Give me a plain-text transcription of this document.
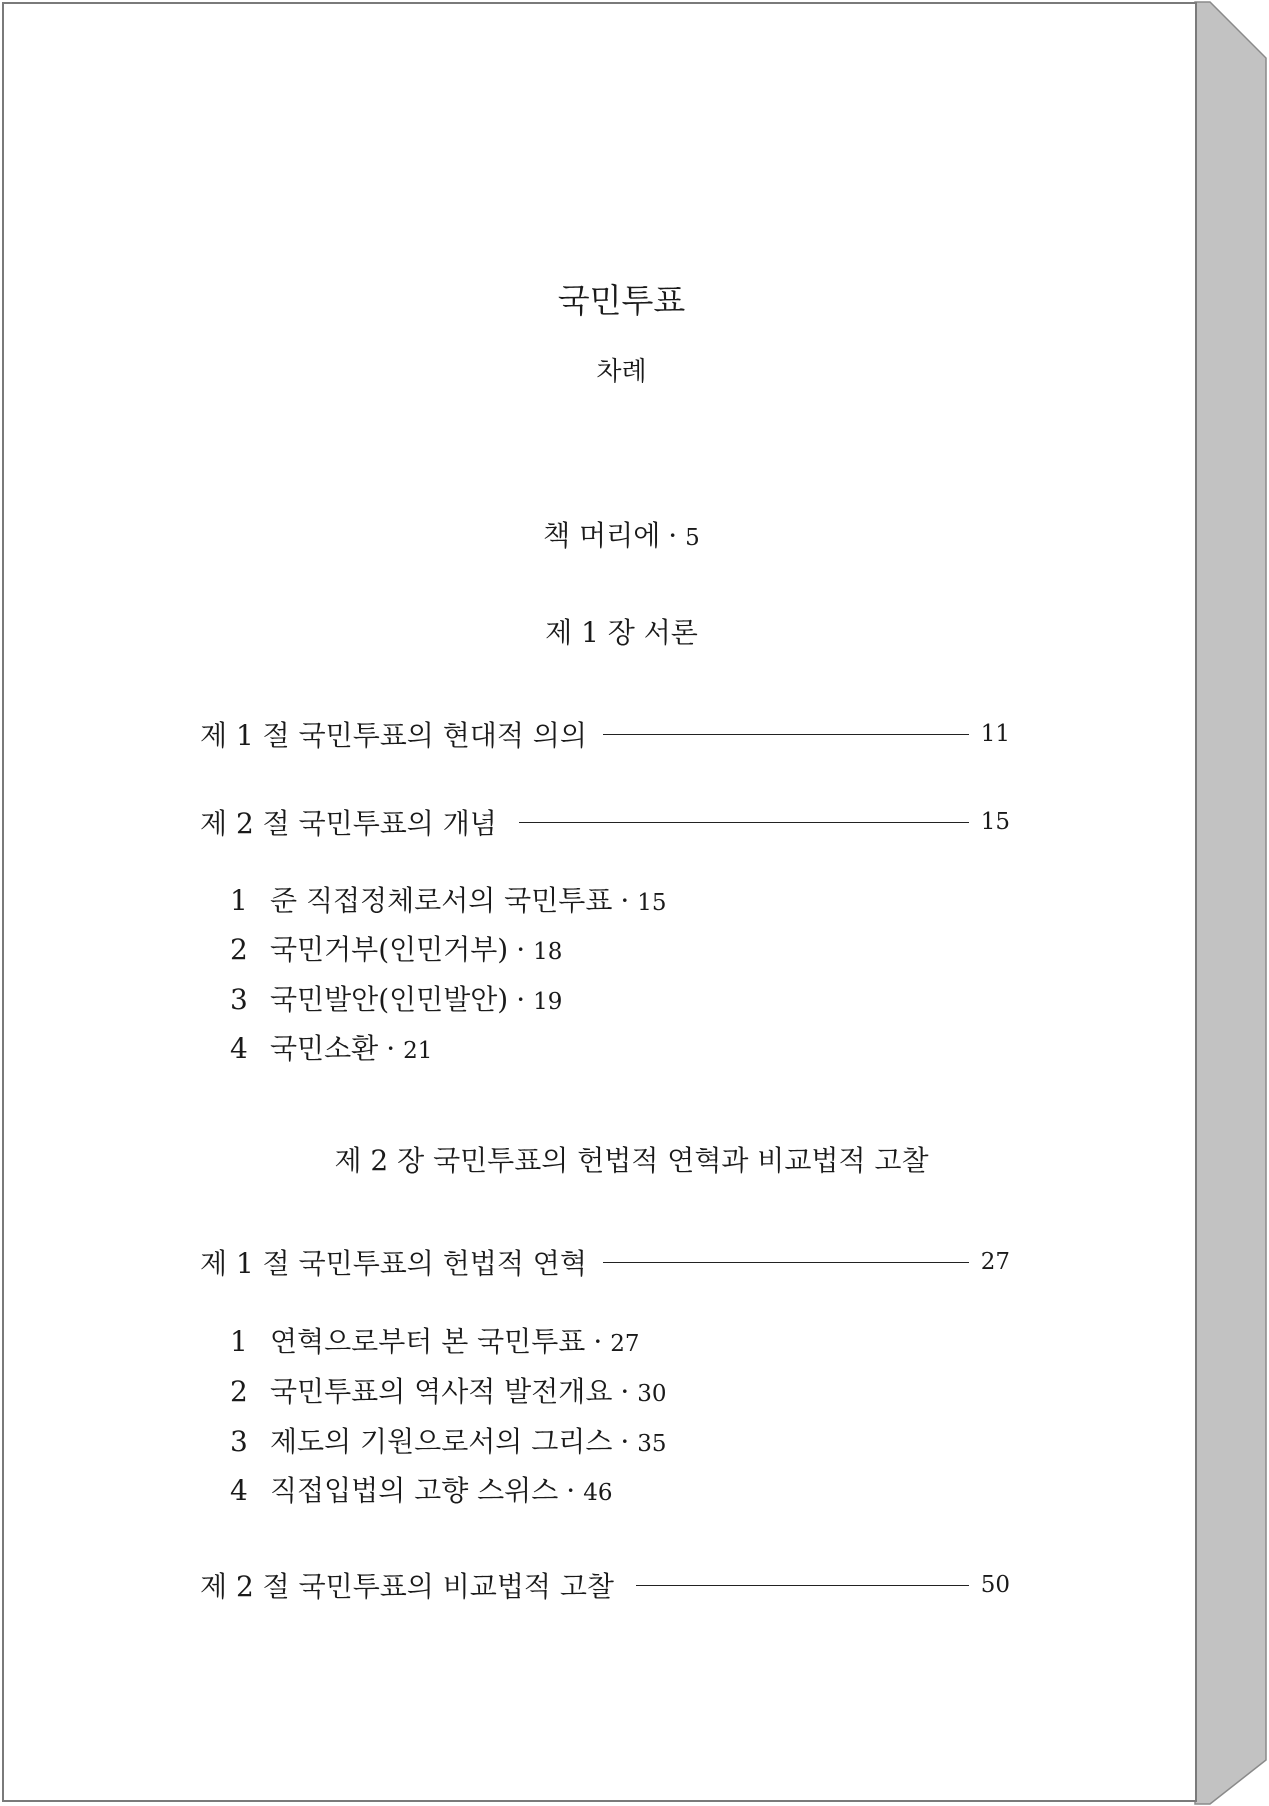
국민투표
차례
책 머리에 · 5
제 1 장 서론
제 1 절 국민투표의 현대적 의의	11
제 2 절 국민투표의 개념	15
1 준 직접정체로서의 국민투표 · 15
2 국민거부(인민거부) · 18
3 국민발안(인민발안) · 19
4 국민소환 · 21
제 2 장 국민투표의 헌법적 연혁과 비교법적 고찰
제 1 절 국민투표의 헌법적 연혁	27
1 연혁으로부터 본 국민투표 · 27
2 국민투표의 역사적 발전개요 · 30
3 제도의 기원으로서의 그리스 · 35
4 직접입법의 고향 스위스 · 46
제 2 절 국민투표의 비교법적 고찰	50
